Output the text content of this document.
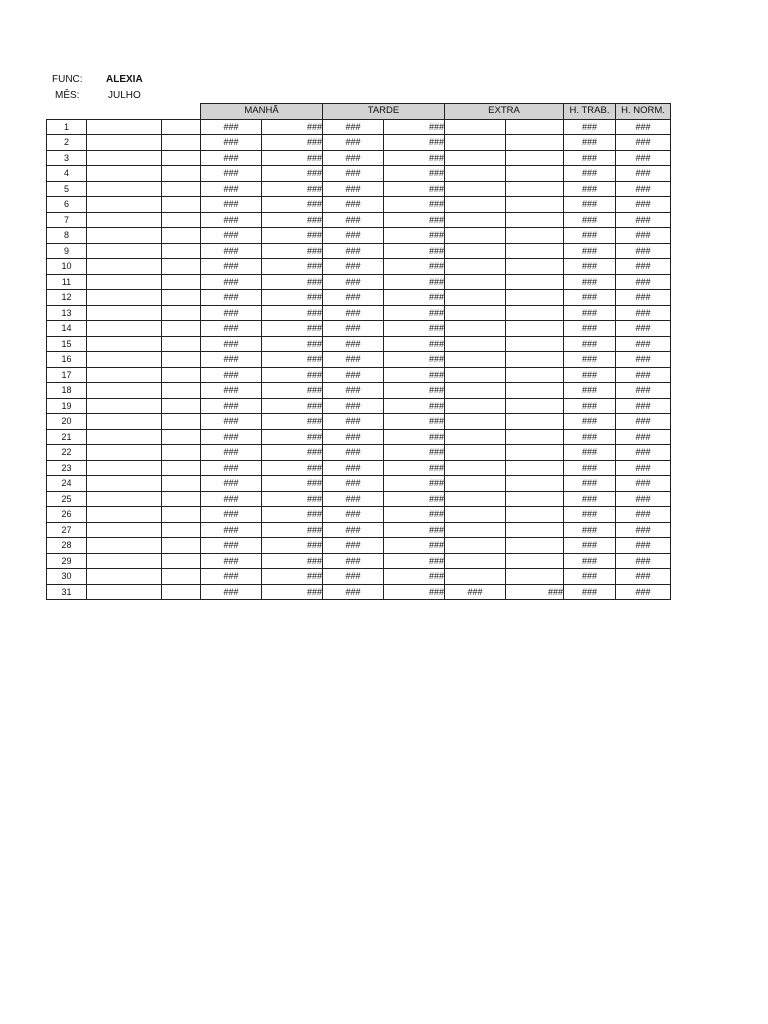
FUNC: ALEXIA
MÊS:	JULHO
			MANHÃ		TARDE		EXTRA		H. TRAB.	H. NORM.
1			###	###	###	###			###	###
2			###	###	###	###			###	###
3			###	###	###	###			###	###
4			###	###	###	###			###	###
5			###	###	###	###			###	###
6			###	###	###	###			###	###
7			###	###	###	###			###	###
8			###	###	###	###			###	###
9			###	###	###	###			###	###
10			###	###	###	###			###	###
11			###	###	###	###			###	###
12			###	###	###	###			###	###
13			###	###	###	###			###	###
14			###	###	###	###			###	###
15			###	###	###	###			###	###
16			###	###	###	###			###	###
17			###	###	###	###			###	###
18			###	###	###	###			###	###
19			###	###	###	###			###	###
20			###	###	###	###			###	###
21			###	###	###	###			###	###
22			###	###	###	###			###	###
23			###	###	###	###			###	###
24			###	###	###	###			###	###
25			###	###	###	###			###	###
26			###	###	###	###			###	###
27			###	###	###	###			###	###
28			###	###	###	###			###	###
29			###	###	###	###			###	###
30			###	###	###	###			###	###
31			###	###	###	###	###	###	###	###
